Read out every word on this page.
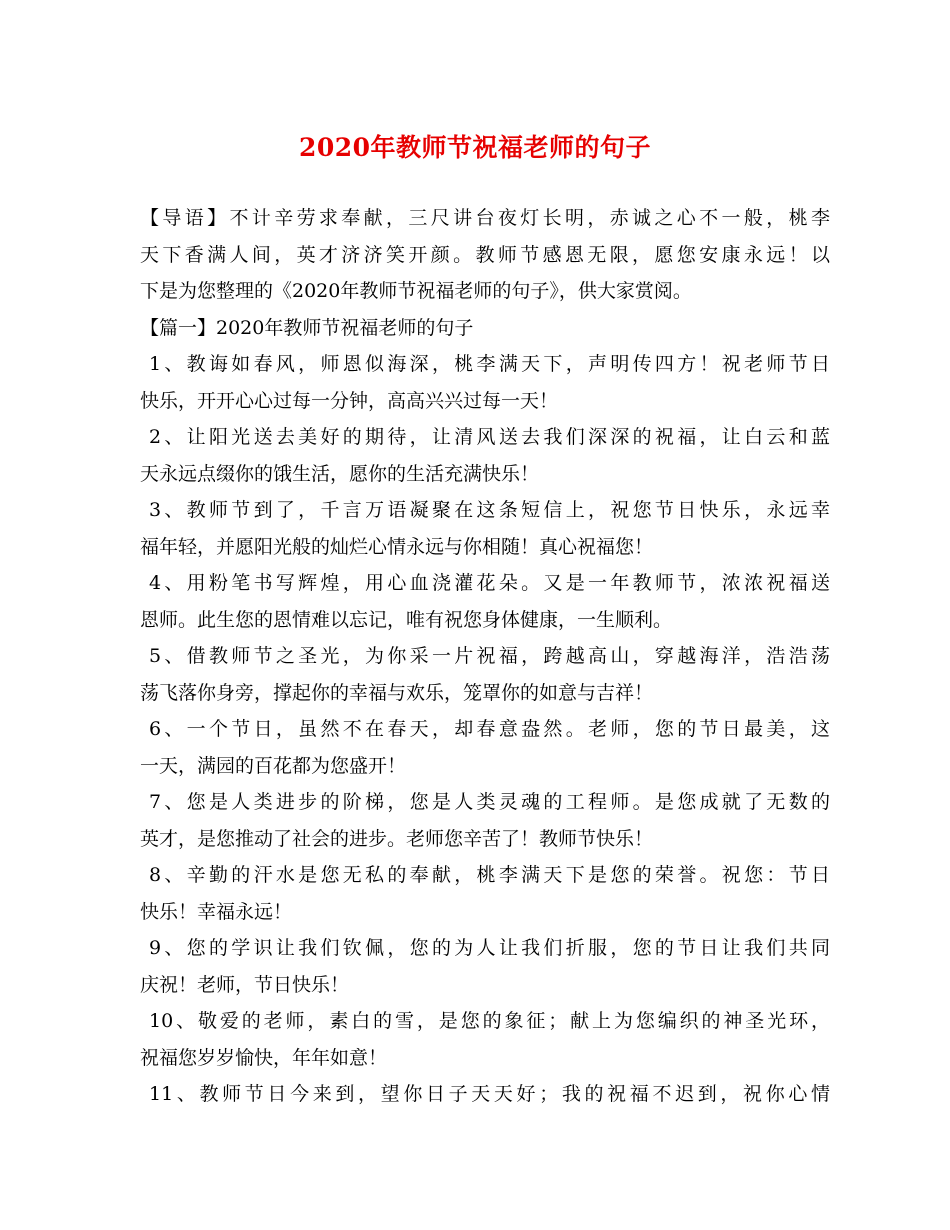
2020年教师节祝福老师的句子
【导语】不计辛劳求奉献，三尺讲台夜灯长明，赤诚之心不一般，桃李
天下香满人间，英才济济笑开颜。教师节感恩无限，愿您安康永远！以
下是为您整理的《2020年教师节祝福老师的句子》，供大家赏阅。
【篇一】2020年教师节祝福老师的句子
1、教诲如春风，师恩似海深，桃李满天下，声明传四方！祝老师节日
快乐，开开心心过每一分钟，高高兴兴过每一天！
2、让阳光送去美好的期待，让清风送去我们深深的祝福，让白云和蓝
天永远点缀你的饿生活，愿你的生活充满快乐！
3、教师节到了，千言万语凝聚在这条短信上，祝您节日快乐，永远幸
福年轻，并愿阳光般的灿烂心情永远与你相随！真心祝福您！
4、用粉笔书写辉煌，用心血浇灌花朵。又是一年教师节，浓浓祝福送
恩师。此生您的恩情难以忘记，唯有祝您身体健康，一生顺利。
5、借教师节之圣光，为你采一片祝福，跨越高山，穿越海洋，浩浩荡
荡飞落你身旁，撑起你的幸福与欢乐，笼罩你的如意与吉祥！
6、一个节日，虽然不在春天，却春意盎然。老师，您的节日最美，这
一天，满园的百花都为您盛开！
7、您是人类进步的阶梯，您是人类灵魂的工程师。是您成就了无数的
英才，是您推动了社会的进步。老师您辛苦了！教师节快乐！
8、辛勤的汗水是您无私的奉献，桃李满天下是您的荣誉。祝您：节日
快乐！幸福永远！
9、您的学识让我们钦佩，您的为人让我们折服，您的节日让我们共同
庆祝！老师，节日快乐！
10、敬爱的老师，素白的雪，是您的象征；献上为您编织的神圣光环，
祝福您岁岁愉快，年年如意！
11、教师节日今来到，望你日子天天好；我的祝福不迟到，祝你心情
